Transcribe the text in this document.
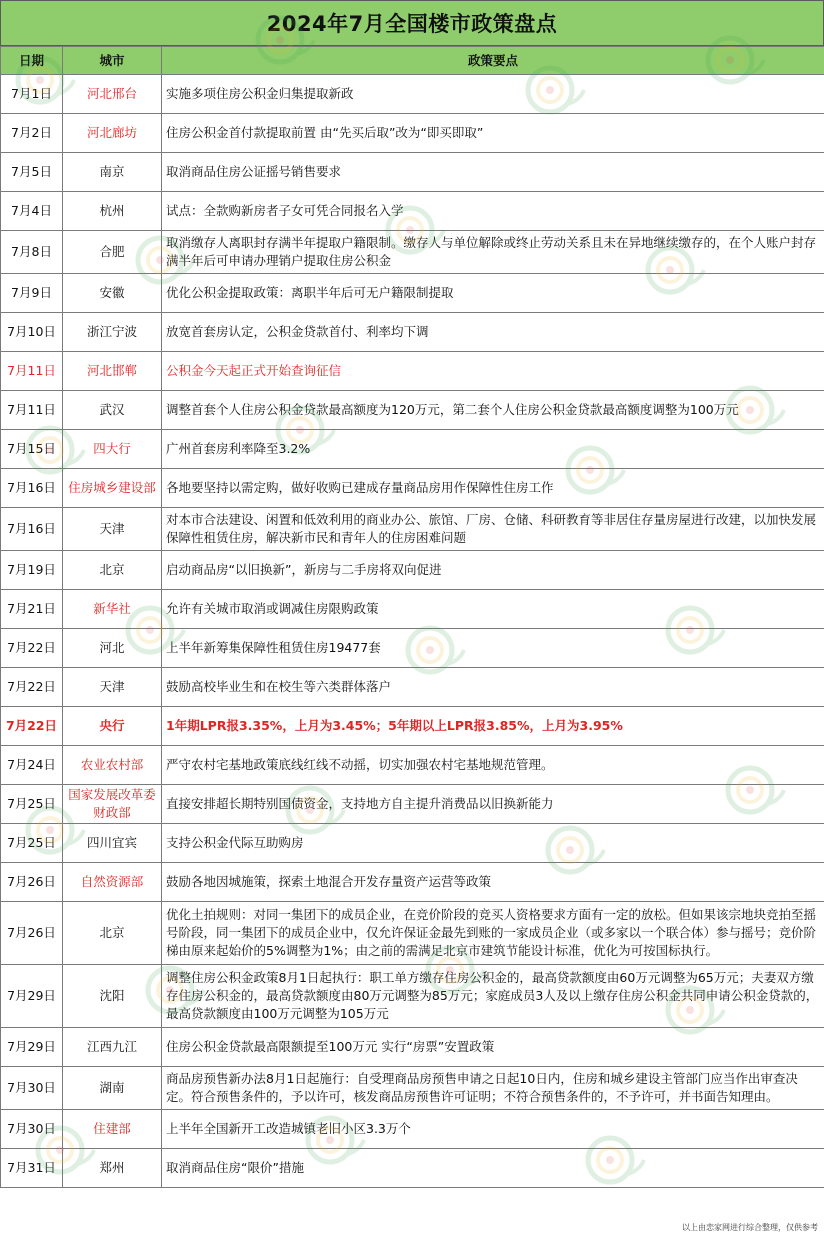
2024年7月全国楼市政策盘点
日期	城市	政策要点
7月1日	河北邢台	实施多项住房公积金归集提取新政
7月2日	河北廊坊	住房公积金首付款提取前置 由“先买后取”改为“即买即取”
7月5日	南京	取消商品住房公证摇号销售要求
7月4日	杭州	试点：全款购新房者子女可凭合同报名入学
7月8日	合肥	取消缴存人离职封存满半年提取户籍限制。缴存人与单位解除或终止劳动关系且未在异地继续缴存的，在个人账户封存满半年后可申请办理销户提取住房公积金
7月9日	安徽	优化公积金提取政策：离职半年后可无户籍限制提取
7月10日	浙江宁波	放宽首套房认定，公积金贷款首付、利率均下调
7月11日	河北邯郸	公积金今天起正式开始查询征信
7月11日	武汉	调整首套个人住房公积金贷款最高额度为120万元，第二套个人住房公积金贷款最高额度调整为100万元
7月15日	四大行	广州首套房利率降至3.2%
7月16日	住房城乡建设部	各地要坚持以需定购，做好收购已建成存量商品房用作保障性住房工作
7月16日	天津	对本市合法建设、闲置和低效利用的商业办公、旅馆、厂房、仓储、科研教育等非居住存量房屋进行改建，以加快发展保障性租赁住房，解决新市民和青年人的住房困难问题
7月19日	北京	启动商品房“以旧换新”，新房与二手房将双向促进
7月21日	新华社	允许有关城市取消或调减住房限购政策
7月22日	河北	上半年新筹集保障性租赁住房19477套
7月22日	天津	鼓励高校毕业生和在校生等六类群体落户
7月22日	央行	1年期LPR报3.35%，上月为3.45%；5年期以上LPR报3.85%，上月为3.95%
7月24日	农业农村部	严守农村宅基地政策底线红线不动摇，切实加强农村宅基地规范管理。
7月25日	国家发展改革委财政部	直接安排超长期特别国债资金，支持地方自主提升消费品以旧换新能力
7月25日	四川宜宾	支持公积金代际互助购房
7月26日	自然资源部	鼓励各地因城施策，探索土地混合开发存量资产运营等政策
7月26日	北京	优化土拍规则：对同一集团下的成员企业，在竞价阶段的竞买人资格要求方面有一定的放松。但如果该宗地块竞拍至摇号阶段，同一集团下的成员企业中，仅允许保证金最先到账的一家成员企业（或多家以一个联合体）参与摇号；竞价阶梯由原来起始价的5%调整为1%；由之前的需满足北京市建筑节能设计标准，优化为可按国标执行。
7月29日	沈阳	调整住房公积金政策8月1日起执行：职工单方缴存住房公积金的，最高贷款额度由60万元调整为65万元；夫妻双方缴存住房公积金的，最高贷款额度由80万元调整为85万元；家庭成员3人及以上缴存住房公积金共同申请公积金贷款的，最高贷款额度由100万元调整为105万元
7月29日	江西九江	住房公积金贷款最高限额提至100万元 实行“房票”安置政策
7月30日	湖南	商品房预售新办法8月1日起施行：自受理商品房预售申请之日起10日内，住房和城乡建设主管部门应当作出审查决定。符合预售条件的，予以许可，核发商品房预售许可证明；不符合预售条件的，不予许可，并书面告知理由。
7月30日	住建部	上半年全国新开工改造城镇老旧小区3.3万个
7月31日	郑州	取消商品住房“限价”措施
以上由恋家网进行综合整理，仅供参考
